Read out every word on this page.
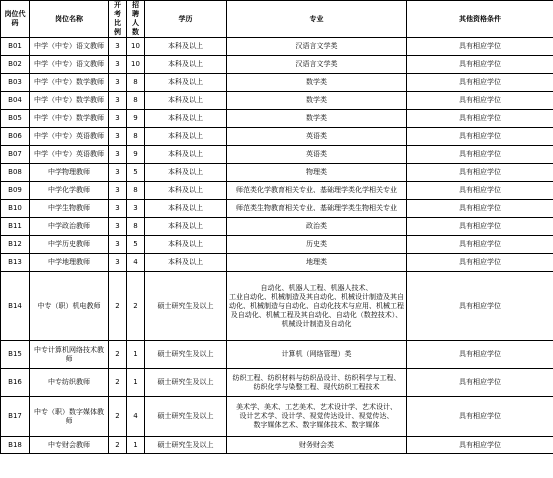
岗位代码	岗位名称	开考比例	招聘人数	学历	专业	其他资格条件
B01	中学（中专）语文教师	3	10	本科及以上	汉语言文学类	具有相应学位
B02	中学（中专）语文教师	3	10	本科及以上	汉语言文学类	具有相应学位
B03	中学（中专）数学教师	3	8	本科及以上	数学类	具有相应学位
B04	中学（中专）数学教师	3	8	本科及以上	数学类	具有相应学位
B05	中学（中专）数学教师	3	9	本科及以上	数学类	具有相应学位
B06	中学（中专）英语教师	3	8	本科及以上	英语类	具有相应学位
B07	中学（中专）英语教师	3	9	本科及以上	英语类	具有相应学位
B08	中学物理教师	3	5	本科及以上	物理类	具有相应学位
B09	中学化学教师	3	8	本科及以上	师范类化学教育相关专业、基础理学类化学相关专业	具有相应学位
B10	中学生物教师	3	3	本科及以上	师范类生物教育相关专业、基础理学类生物相关专业	具有相应学位
B11	中学政治教师	3	8	本科及以上	政治类	具有相应学位
B12	中学历史教师	3	5	本科及以上	历史类	具有相应学位
B13	中学地理教师	3	4	本科及以上	地理类	具有相应学位
B14	中专（职）机电教师	2	2	硕士研究生及以上	自动化、机器人工程、机器人技术、
工业自动化、机械制造及其自动化、机械设计制造及其自
动化、机械制造与自动化、自动化技术与应用、机械工程
及自动化、机械工程及其自动化、自动化（数控技术）、
机械设计制造及自动化	具有相应学位
B15	中专计算机网络技术教师	2	1	硕士研究生及以上	计算机（网络管理）类	具有相应学位
B16	中专纺织教师	2	1	硕士研究生及以上	纺织工程、纺织材料与纺织品设计、纺织科学与工程、
纺织化学与染整工程、现代纺织工程技术	具有相应学位
B17	中专（职）数字媒体教师	2	4	硕士研究生及以上	美术学、美术、工艺美术、艺术设计学、艺术设计、
设计艺术学、设计学、视觉传达设计、视觉传达、
数字媒体艺术、数字媒体技术、数字媒体	具有相应学位
B18	中专财会教师	2	1	硕士研究生及以上	财务财会类	具有相应学位
